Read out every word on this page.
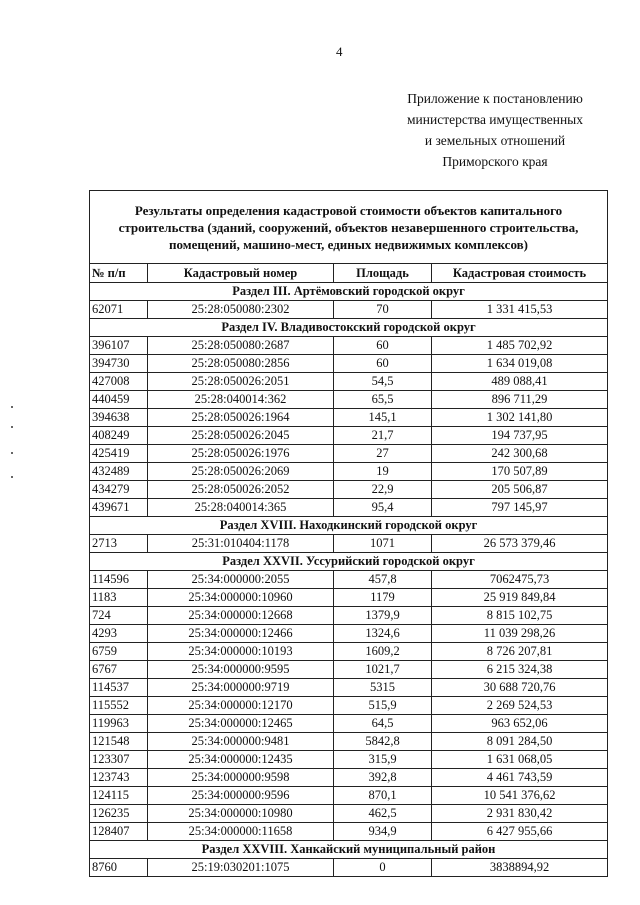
4
Приложение к постановлению
министерства имущественных
и земельных отношений
Приморского края
Результаты определения кадастровой стоимости объектов капитального строительства (зданий, сооружений, объектов незавершенного строительства, помещений, машино-мест, единых недвижимых комплексов)			
№ п/п	Кадастровый номер	Площадь	Кадастровая стоимость
Раздел III. Артёмовский городской округ			
62071	25:28:050080:2302	70	1 331 415,53
Раздел IV. Владивостокский городской округ			
396107	25:28:050080:2687	60	1 485 702,92
394730	25:28:050080:2856	60	1 634 019,08
427008	25:28:050026:2051	54,5	489 088,41
440459	25:28:040014:362	65,5	896 711,29
394638	25:28:050026:1964	145,1	1 302 141,80
408249	25:28:050026:2045	21,7	194 737,95
425419	25:28:050026:1976	27	242 300,68
432489	25:28:050026:2069	19	170 507,89
434279	25:28:050026:2052	22,9	205 506,87
439671	25:28:040014:365	95,4	797 145,97
Раздел XVIII. Находкинский городской округ			
2713	25:31:010404:1178	1071	26 573 379,46
Раздел XXVII. Уссурийский городской округ			
114596	25:34:000000:2055	457,8	7062475,73
1183	25:34:000000:10960	1179	25 919 849,84
724	25:34:000000:12668	1379,9	8 815 102,75
4293	25:34:000000:12466	1324,6	11 039 298,26
6759	25:34:000000:10193	1609,2	8 726 207,81
6767	25:34:000000:9595	1021,7	6 215 324,38
114537	25:34:000000:9719	5315	30 688 720,76
115552	25:34:000000:12170	515,9	2 269 524,53
119963	25:34:000000:12465	64,5	963 652,06
121548	25:34:000000:9481	5842,8	8 091 284,50
123307	25:34:000000:12435	315,9	1 631 068,05
123743	25:34:000000:9598	392,8	4 461 743,59
124115	25:34:000000:9596	870,1	10 541 376,62
126235	25:34:000000:10980	462,5	2 931 830,42
128407	25:34:000000:11658	934,9	6 427 955,66
Раздел XXVIII. Ханкайский муниципальный район			
8760	25:19:030201:1075	0	3838894,92
